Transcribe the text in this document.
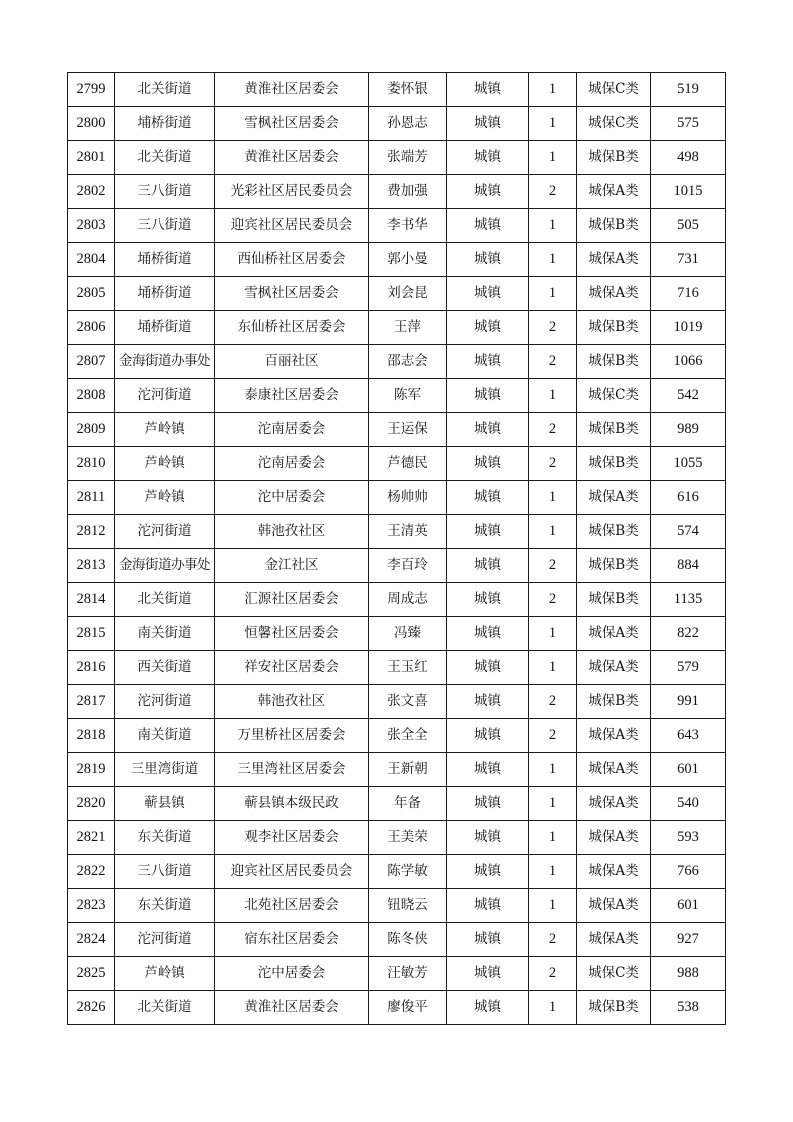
2799	北关街道	黄淮社区居委会	娄怀银	城镇	1	城保C类	519
2800	埔桥街道	雪枫社区居委会	孙恩志	城镇	1	城保C类	575
2801	北关街道	黄淮社区居委会	张端芳	城镇	1	城保B类	498
2802	三八街道	光彩社区居民委员会	费加强	城镇	2	城保A类	1015
2803	三八街道	迎宾社区居民委员会	李书华	城镇	1	城保B类	505
2804	埇桥街道	西仙桥社区居委会	郭小曼	城镇	1	城保A类	731
2805	埇桥街道	雪枫社区居委会	刘会昆	城镇	1	城保A类	716
2806	埇桥街道	东仙桥社区居委会	王萍	城镇	2	城保B类	1019
2807	金海街道办事处	百丽社区	邵志会	城镇	2	城保B类	1066
2808	沱河街道	泰康社区居委会	陈军	城镇	1	城保C类	542
2809	芦岭镇	沱南居委会	王运保	城镇	2	城保B类	989
2810	芦岭镇	沱南居委会	芦德民	城镇	2	城保B类	1055
2811	芦岭镇	沱中居委会	杨帅帅	城镇	1	城保A类	616
2812	沱河街道	韩池孜社区	王清英	城镇	1	城保B类	574
2813	金海街道办事处	金江社区	李百玲	城镇	2	城保B类	884
2814	北关街道	汇源社区居委会	周成志	城镇	2	城保B类	1135
2815	南关街道	恒馨社区居委会	冯臻	城镇	1	城保A类	822
2816	西关街道	祥安社区居委会	王玉红	城镇	1	城保A类	579
2817	沱河街道	韩池孜社区	张文喜	城镇	2	城保B类	991
2818	南关街道	万里桥社区居委会	张全全	城镇	2	城保A类	643
2819	三里湾街道	三里湾社区居委会	王新朝	城镇	1	城保A类	601
2820	蕲县镇	蕲县镇本级民政	年备	城镇	1	城保A类	540
2821	东关街道	观李社区居委会	王美荣	城镇	1	城保A类	593
2822	三八街道	迎宾社区居民委员会	陈学敏	城镇	1	城保A类	766
2823	东关街道	北苑社区居委会	钮晓云	城镇	1	城保A类	601
2824	沱河街道	宿东社区居委会	陈冬侠	城镇	2	城保A类	927
2825	芦岭镇	沱中居委会	汪敏芳	城镇	2	城保C类	988
2826	北关街道	黄淮社区居委会	廖俊平	城镇	1	城保B类	538
